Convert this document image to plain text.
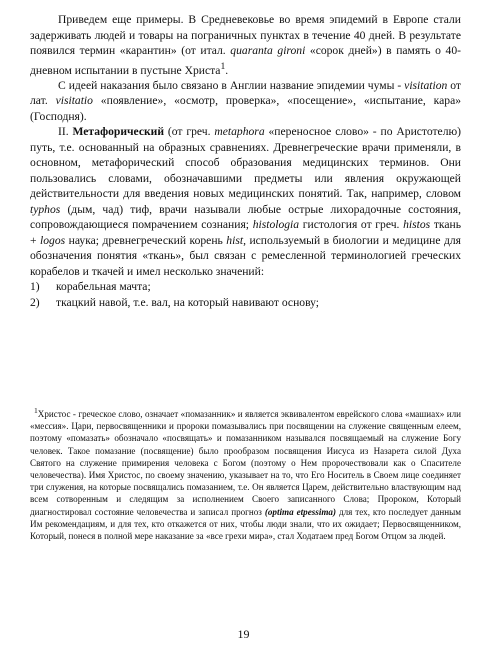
Приведем еще примеры. В Средневековье во время эпидемий в Европе стали задерживать людей и товары на пограничных пунктах в течение 40 дней. В результате появился термин «карантин» (от итал. quaranta gironi «сорок дней») в память о 40-дневном испытании в пустыне Христа$^1$.

С идеей наказания было связано в Англии название эпидемии чумы - visitation от лат. visitatio «появление», «осмотр, проверка», «посещение», «испытание, кара» (Господня).

II. Метафорический (от греч. metaphora «переносное слово» - по Аристотелю) путь, т.е. основанный на образных сравнениях. Древнегреческие врачи применяли, в основном, метафорический способ образования медицинских терминов. Они пользовались словами, обозначавшими предметы или явления окружающей действительности для введения новых медицинских понятий. Так, например, словом typhos (дым, чад) тиф, врачи называли любые острые лихорадочные состояния, сопровождающиеся помрачением сознания; histologia гистология от греч. histos ткань + logos наука; древнегреческий корень hist, используемый в биологии и медицине для обозначения понятия «ткань», был связан с ремесленной терминологией греческих корабелов и ткачей и имел несколько значений:

1)	корабельная мачта;
2)	ткацкий навой, т.е. вал, на который навивают основу;

$^1$Христос - греческое слово, означает «помазанник» и является эквивалентом еврейского слова «машиах» или «мессия». Цари, первосвященники и пророки помазывались при посвящении на служение священным елеем, поэтому «помазать» обозначало «посвящать» и помазанником назывался посвящаемый на служение Богу человек. Такое помазание (посвящение) было прообразом посвящения Иисуса из Назарета силой Духа Святого на служение примирения человека с Богом (поэтому о Нем пророчествовали как о Спасителе человечества). Имя Христос, по своему значению, указывает на то, что Его Носитель в Своем лице соединяет три служения, на которые посвящались помазанием, т.е. Он является Царем, действительно властвующим над всем сотворенным и следящим за исполнением Своего записанного Слова; Пророком, Который диагностировал состояние человечества и записал прогноз (optima etpessima) для тех, кто последует данным Им рекомендациям, и для тех, кто откажется от них, чтобы люди знали, что их ожидает; Первосвященником, Который, понеся в полной мере наказание за «все грехи мира», стал Ходатаем пред Богом Отцом за людей.

19
